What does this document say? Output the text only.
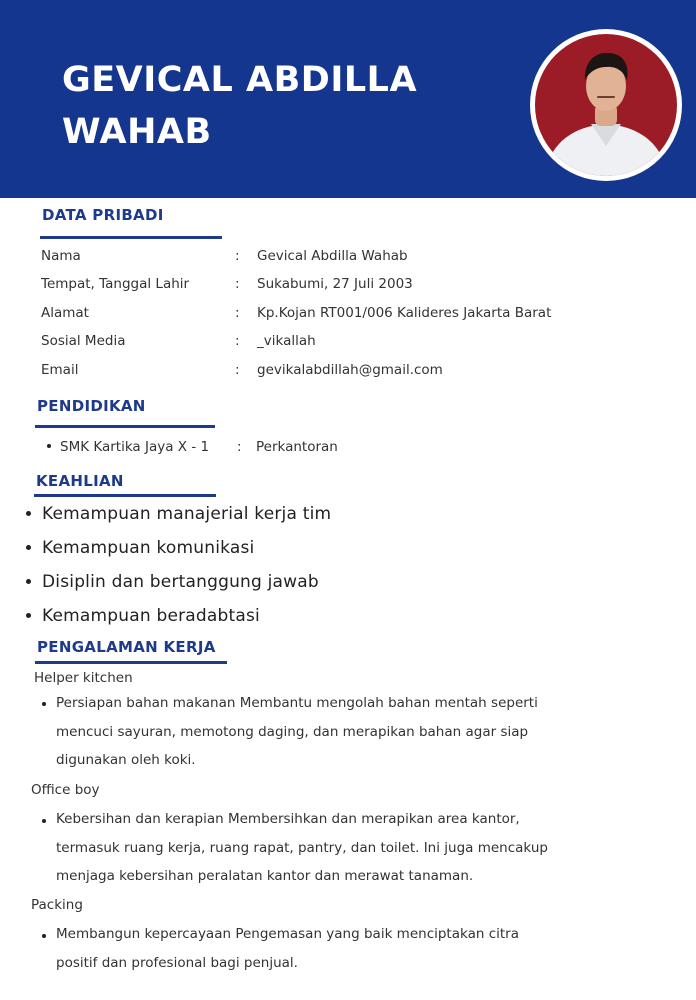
GEVICAL ABDILLA
WAHAB
DATA PRIBADI
Nama	: Gevical Abdilla Wahab
Tempat, Tanggal Lahir	: Sukabumi, 27 Juli 2003
Alamat	: Kp.Kojan RT001/006 Kalideres Jakarta Barat
Sosial Media	: _vikallah
Email	: gevikalabdillah@gmail.com
PENDIDIKAN
SMK Kartika Jaya X - 1 : Perkantoran
KEAHLIAN
Kemampuan manajerial kerja tim
Kemampuan komunikasi
Disiplin dan bertanggung jawab
Kemampuan beradabtasi
PENGALAMAN KERJA
Helper kitchen
Persiapan bahan makanan Membantu mengolah bahan mentah seperti
mencuci sayuran, memotong daging, dan merapikan bahan agar siap
digunakan oleh koki.
Office boy
Kebersihan dan kerapian Membersihkan dan merapikan area kantor,
termasuk ruang kerja, ruang rapat, pantry, dan toilet. Ini juga mencakup
menjaga kebersihan peralatan kantor dan merawat tanaman.
Packing
Membangun kepercayaan Pengemasan yang baik menciptakan citra
positif dan profesional bagi penjual.
